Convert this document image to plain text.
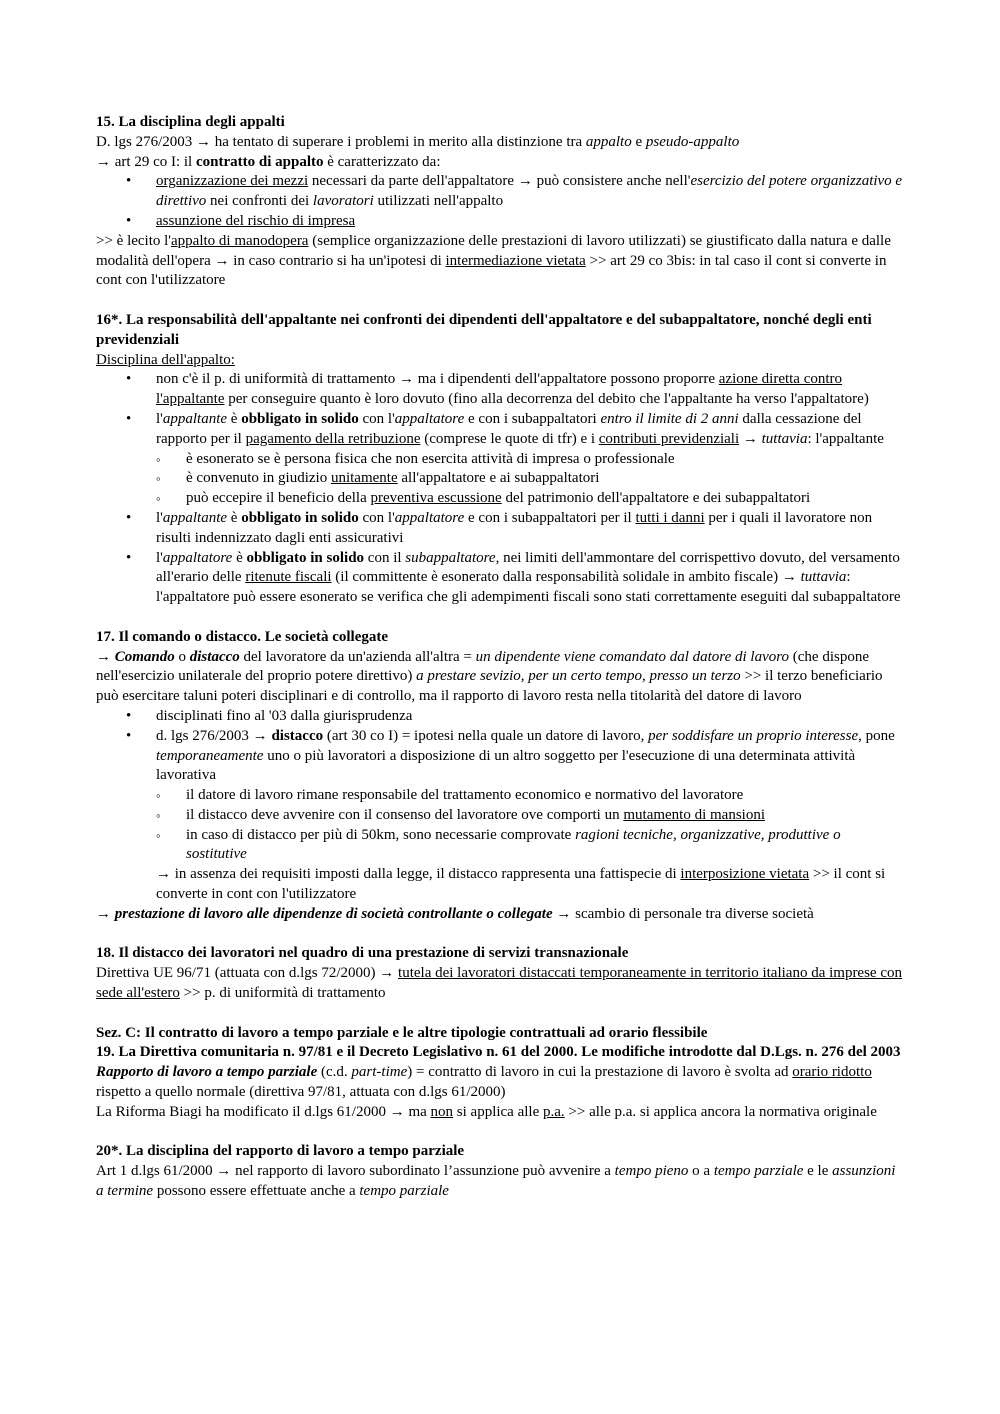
15. La disciplina degli appalti

D. lgs 276/2003 → ha tentato di superare i problemi in merito alla distinzione tra appalto e pseudo-appalto

→ art 29 co I: il contratto di appalto è caratterizzato da:

• organizzazione dei mezzi necessari da parte dell'appaltatore → può consistere anche nell'esercizio del potere organizzativo e direttivo nei confronti dei lavoratori utilizzati nell'appalto
• assunzione del rischio di impresa

>> è lecito l'appalto di manodopera (semplice organizzazione delle prestazioni di lavoro utilizzati) se giustificato dalla natura e dalle modalità dell'opera → in caso contrario si ha un'ipotesi di intermediazione vietata >> art 29 co 3bis: in tal caso il cont si converte in cont con l'utilizzatore

16*. La responsabilità dell'appaltante nei confronti dei dipendenti dell'appaltatore e del subappaltatore, nonché degli enti previdenziali

Disciplina dell'appalto:

• non c'è il p. di uniformità di trattamento → ma i dipendenti dell'appaltatore possono proporre azione diretta contro l'appaltante per conseguire quanto è loro dovuto (fino alla decorrenza del debito che l'appaltante ha verso l'appaltatore)
• l'appaltante è obbligato in solido con l'appaltatore e con i subappaltatori entro il limite di 2 anni dalla cessazione del rapporto per il pagamento della retribuzione (comprese le quote di tfr) e i contributi previdenziali → tuttavia: l'appaltante
◦ è esonerato se è persona fisica che non esercita attività di impresa o professionale
◦ è convenuto in giudizio unitamente all'appaltatore e ai subappaltatori
◦ può eccepire il beneficio della preventiva escussione del patrimonio dell'appaltatore e dei subappaltatori
• l'appaltante è obbligato in solido con l'appaltatore e con i subappaltatori per il tutti i danni per i quali il lavoratore non risulti indennizzato dagli enti assicurativi
• l'appaltatore è obbligato in solido con il subappaltatore, nei limiti dell'ammontare del corrispettivo dovuto, del versamento all'erario delle ritenute fiscali (il committente è esonerato dalla responsabilità solidale in ambito fiscale) → tuttavia: l'appaltatore può essere esonerato se verifica che gli adempimenti fiscali sono stati correttamente eseguiti dal subappaltatore
17. Il comando o distacco. Le società collegate

→ Comando o distacco del lavoratore da un'azienda all'altra = un dipendente viene comandato dal datore di lavoro (che dispone nell'esercizio unilaterale del proprio potere direttivo) a prestare sevizio, per un certo tempo, presso un terzo >> il terzo beneficiario può esercitare taluni poteri disciplinari e di controllo, ma il rapporto di lavoro resta nella titolarità del datore di lavoro

• disciplinati fino al '03 dalla giurisprudenza
• d. lgs 276/2003 → distacco (art 30 co I) = ipotesi nella quale un datore di lavoro, per soddisfare un proprio interesse, pone temporaneamente uno o più lavoratori a disposizione di un altro soggetto per l'esecuzione di una determinata attività lavorativa
◦ il datore di lavoro rimane responsabile del trattamento economico e normativo del lavoratore
◦ il distacco deve avvenire con il consenso del lavoratore ove comporti un mutamento di mansioni
◦ in caso di distacco per più di 50km, sono necessarie comprovate ragioni tecniche, organizzative, produttive o sostitutive

→ in assenza dei requisiti imposti dalla legge, il distacco rappresenta una fattispecie di interposizione vietata >> il cont si converte in cont con l'utilizzatore

→ prestazione di lavoro alle dipendenze di società controllante o collegate → scambio di personale tra diverse società

18. Il distacco dei lavoratori nel quadro di una prestazione di servizi transnazionale

Direttiva UE 96/71 (attuata con d.lgs 72/2000) → tutela dei lavoratori distaccati temporaneamente in territorio italiano da imprese con sede all'estero >> p. di uniformità di trattamento

Sez. C: Il contratto di lavoro a tempo parziale e le altre tipologie contrattuali ad orario flessibile
19. La Direttiva comunitaria n. 97/81 e il Decreto Legislativo n. 61 del 2000. Le modifiche introdotte dal D.Lgs. n. 276 del 2003

Rapporto di lavoro a tempo parziale (c.d. part-time) = contratto di lavoro in cui la prestazione di lavoro è svolta ad orario ridotto rispetto a quello normale (direttiva 97/81, attuata con d.lgs 61/2000)

La Riforma Biagi ha modificato il d.lgs 61/2000 → ma non si applica alle p.a. >> alle p.a. si applica ancora la normativa originale

20*. La disciplina del rapporto di lavoro a tempo parziale

Art 1 d.lgs 61/2000 → nel rapporto di lavoro subordinato l’assunzione può avvenire a tempo pieno o a tempo parziale e le assunzioni a termine possono essere effettuate anche a tempo parziale
